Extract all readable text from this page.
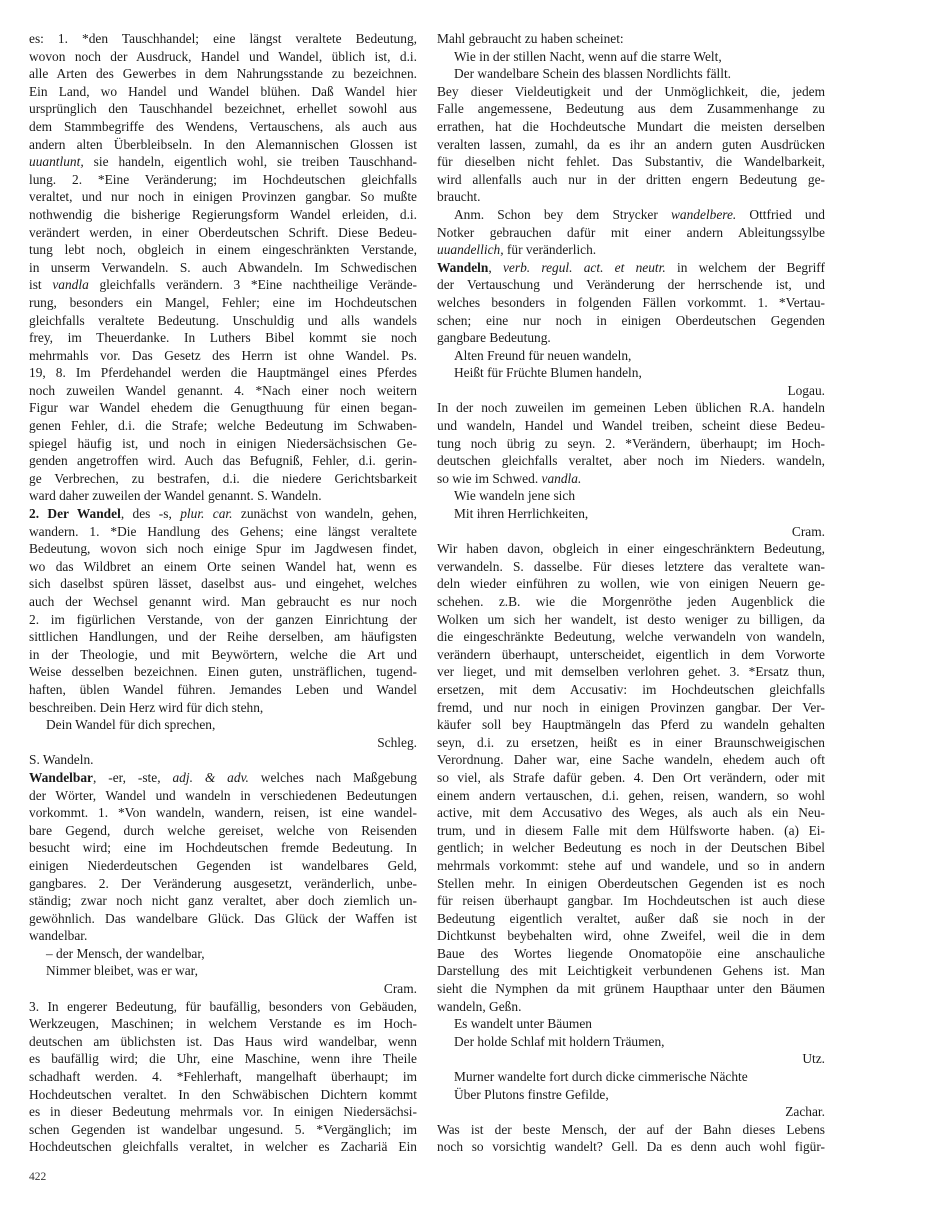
es: 1. *den Tauschhandel; eine längst veraltete Bedeutung,
wovon noch der Ausdruck, Handel und Wandel, üblich ist, d.i.
alle Arten des Gewerbes in dem Nahrungsstande zu bezeichnen.
Ein Land, wo Handel und Wandel blühen. Daß Wandel hier
ursprünglich den Tauschhandel bezeichnet, erhellet sowohl aus
dem Stammbegriffe des Wendens, Vertauschens, als auch aus
andern alten Überbleibseln. In den Alemannischen Glossen ist
uuantlunt, sie handeln, eigentlich wohl, sie treiben Tauschhand-
lung. 2. *Eine Veränderung; im Hochdeutschen gleichfalls
veraltet, und nur noch in einigen Provinzen gangbar. So mußte
nothwendig die bisherige Regierungsform Wandel erleiden, d.i.
verändert werden, in einer Oberdeutschen Schrift. Diese Bedeu-
tung lebt noch, obgleich in einem eingeschränkten Verstande,
in unserm Verwandeln. S. auch Abwandeln. Im Schwedischen
ist vandla gleichfalls verändern. 3 *Eine nachtheilige Verände-
rung, besonders ein Mangel, Fehler; eine im Hochdeutschen
gleichfalls veraltete Bedeutung. Unschuldig und alls wandels
frey, im Theuerdanke. In Luthers Bibel kommt sie noch
mehrmahls vor. Das Gesetz des Herrn ist ohne Wandel. Ps.
19, 8. Im Pferdehandel werden die Hauptmängel eines Pferdes
noch zuweilen Wandel genannt. 4. *Nach einer noch weitern
Figur war Wandel ehedem die Genugthuung für einen began-
genen Fehler, d.i. die Strafe; welche Bedeutung im Schwaben-
spiegel häufig ist, und noch in einigen Niedersächsischen Ge-
genden angetroffen wird. Auch das Befugniß, Fehler, d.i. gerin-
ge Verbrechen, zu bestrafen, d.i. die niedere Gerichtsbarkeit
ward daher zuweilen der Wandel genannt. S. Wandeln.
2. Der Wandel, des -s, plur. car. zunächst von wandeln, gehen,
wandern. 1. *Die Handlung des Gehens; eine längst veraltete
Bedeutung, wovon sich noch einige Spur im Jagdwesen findet,
wo das Wildbret an einem Orte seinen Wandel hat, wenn es
sich daselbst spüren lässet, daselbst aus- und eingehet, welches
auch der Wechsel genannt wird. Man gebraucht es nur noch
2. im figürlichen Verstande, von der ganzen Einrichtung der
sittlichen Handlungen, und der Reihe derselben, am häufigsten
in der Theologie, und mit Beywörtern, welche die Art und
Weise desselben bezeichnen. Einen guten, unsträflichen, tugend-
haften, üblen Wandel führen. Jemandes Leben und Wandel
beschreiben. Dein Herz wird für dich stehn,
Dein Wandel für dich sprechen,
Schleg.
S. Wandeln.
Wandelbar, -er, -ste, adj. & adv. welches nach Maßgebung
der Wörter, Wandel und wandeln in verschiedenen Bedeutungen
vorkommt. 1. *Von wandeln, wandern, reisen, ist eine wandel-
bare Gegend, durch welche gereiset, welche von Reisenden
besucht wird; eine im Hochdeutschen fremde Bedeutung. In
einigen Niederdeutschen Gegenden ist wandelbares Geld,
gangbares. 2. Der Veränderung ausgesetzt, veränderlich, unbe-
ständig; zwar noch nicht ganz veraltet, aber doch ziemlich un-
gewöhnlich. Das wandelbare Glück. Das Glück der Waffen ist
wandelbar.
– der Mensch, der wandelbar,
Nimmer bleibet, was er war,
Cram.
3. In engerer Bedeutung, für baufällig, besonders von Gebäuden,
Werkzeugen, Maschinen; in welchem Verstande es im Hoch-
deutschen am üblichsten ist. Das Haus wird wandelbar, wenn
es baufällig wird; die Uhr, eine Maschine, wenn ihre Theile
schadhaft werden. 4. *Fehlerhaft, mangelhaft überhaupt; im
Hochdeutschen veraltet. In den Schwäbischen Dichtern kommt
es in dieser Bedeutung mehrmals vor. In einigen Niedersächsi-
schen Gegenden ist wandelbar ungesund. 5. *Vergänglich; im
Hochdeutschen gleichfalls veraltet, in welcher es Zachariä Ein
Mahl gebraucht zu haben scheinet:
Wie in der stillen Nacht, wenn auf die starre Welt,
Der wandelbare Schein des blassen Nordlichts fällt.
Bey dieser Vieldeutigkeit und der Unmöglichkeit, die, jedem
Falle angemessene, Bedeutung aus dem Zusammenhange zu
errathen, hat die Hochdeutsche Mundart die meisten derselben
veralten lassen, zumahl, da es ihr an andern guten Ausdrücken
für dieselben nicht fehlet. Das Substantiv, die Wandelbarkeit,
wird allenfalls auch nur in der dritten engern Bedeutung ge-
braucht.
Anm. Schon bey dem Strycker wandelbere. Ottfried und
Notker gebrauchen dafür mit einer andern Ableitungssylbe
uuandellich, für veränderlich.
Wandeln, verb. regul. act. et neutr. in welchem der Begriff
der Vertauschung und Veränderung der herrschende ist, und
welches besonders in folgenden Fällen vorkommt. 1. *Vertau-
schen; eine nur noch in einigen Oberdeutschen Gegenden
gangbare Bedeutung.
Alten Freund für neuen wandeln,
Heißt für Früchte Blumen handeln,
Logau.
In der noch zuweilen im gemeinen Leben üblichen R.A. handeln
und wandeln, Handel und Wandel treiben, scheint diese Bedeu-
tung noch übrig zu seyn. 2. *Verändern, überhaupt; im Hoch-
deutschen gleichfalls veraltet, aber noch im Nieders. wandeln,
so wie im Schwed. vandla.
Wie wandeln jene sich
Mit ihren Herrlichkeiten,
Cram.
Wir haben davon, obgleich in einer eingeschränktern Bedeutung,
verwandeln. S. dasselbe. Für dieses letztere das veraltete wan-
deln wieder einführen zu wollen, wie von einigen Neuern ge-
schehen. z.B. wie die Morgenröthe jeden Augenblick die
Wolken um sich her wandelt, ist desto weniger zu billigen, da
die eingeschränkte Bedeutung, welche verwandeln von wandeln,
verändern überhaupt, unterscheidet, eigentlich in dem Vorworte
ver lieget, und mit demselben verlohren gehet. 3. *Ersatz thun,
ersetzen, mit dem Accusativ: im Hochdeutschen gleichfalls
fremd, und nur noch in einigen Provinzen gangbar. Der Ver-
käufer soll bey Hauptmängeln das Pferd zu wandeln gehalten
seyn, d.i. zu ersetzen, heißt es in einer Braunschweigischen
Verordnung. Daher war, eine Sache wandeln, ehedem auch oft
so viel, als Strafe dafür geben. 4. Den Ort verändern, oder mit
einem andern vertauschen, d.i. gehen, reisen, wandern, so wohl
active, mit dem Accusativo des Weges, als auch als ein Neu-
trum, und in diesem Falle mit dem Hülfsworte haben. (a) Ei-
gentlich; in welcher Bedeutung es noch in der Deutschen Bibel
mehrmals vorkommt: stehe auf und wandele, und so in andern
Stellen mehr. In einigen Oberdeutschen Gegenden ist es noch
für reisen überhaupt gangbar. Im Hochdeutschen ist auch diese
Bedeutung eigentlich veraltet, außer daß sie noch in der
Dichtkunst beybehalten wird, ohne Zweifel, weil die in dem
Baue des Wortes liegende Onomatopöie eine anschauliche
Darstellung des mit Leichtigkeit verbundenen Gehens ist. Man
sieht die Nymphen da mit grünem Haupthaar unter den Bäumen
wandeln, Geßn.
Es wandelt unter Bäumen
Der holde Schlaf mit holdern Träumen,
Utz.
Murner wandelte fort durch dicke cimmerische Nächte
Über Plutons finstre Gefilde,
Zachar.
Was ist der beste Mensch, der auf der Bahn dieses Lebens
noch so vorsichtig wandelt? Gell. Da es denn auch wohl figür-
422
